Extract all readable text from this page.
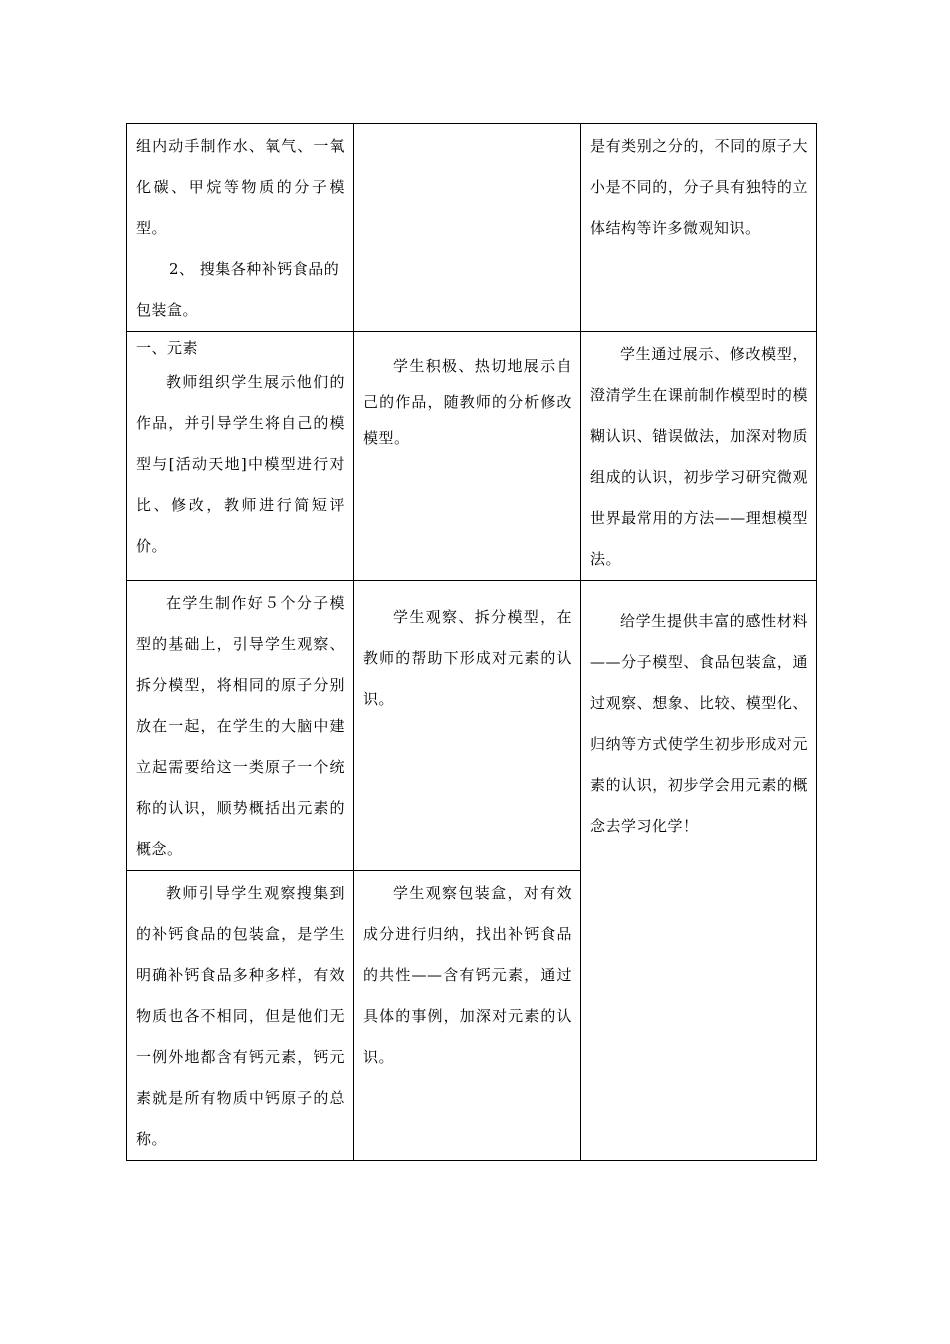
组内动手制作水、氧气、一氧化碳、甲烷等物质的分子模型。

2、 搜集各种补钙食品的包装盒。		是有类别之分的，不同的原子大小是不同的，分子具有独特的立体结构等许多微观知识。

一、元素

教师组织学生展示他们的作品，并引导学生将自己的模型与[活动天地]中模型进行对比、修改，教师进行简短评价。	学生积极、热切地展示自己的作品，随教师的分析修改模型。	学生通过展示、修改模型，澄清学生在课前制作模型时的模糊认识、错误做法，加深对物质组成的认识，初步学习研究微观世界最常用的方法——理想模型法。

在学生制作好５个分子模型的基础上，引导学生观察、拆分模型，将相同的原子分别放在一起，在学生的大脑中建立起需要给这一类原子一个统称的认识，顺势概括出元素的概念。	学生观察、拆分模型，在教师的帮助下形成对元素的认识。	给学生提供丰富的感性材料——分子模型、食品包装盒，通过观察、想象、比较、模型化、归纳等方式使学生初步形成对元素的认识，初步学会用元素的概念去学习化学！

教师引导学生观察搜集到的补钙食品的包装盒，是学生明确补钙食品多种多样，有效物质也各不相同，但是他们无一例外地都含有钙元素，钙元素就是所有物质中钙原子的总称。	学生观察包装盒，对有效成分进行归纳，找出补钙食品的共性——含有钙元素，通过具体的事例，加深对元素的认识。	
